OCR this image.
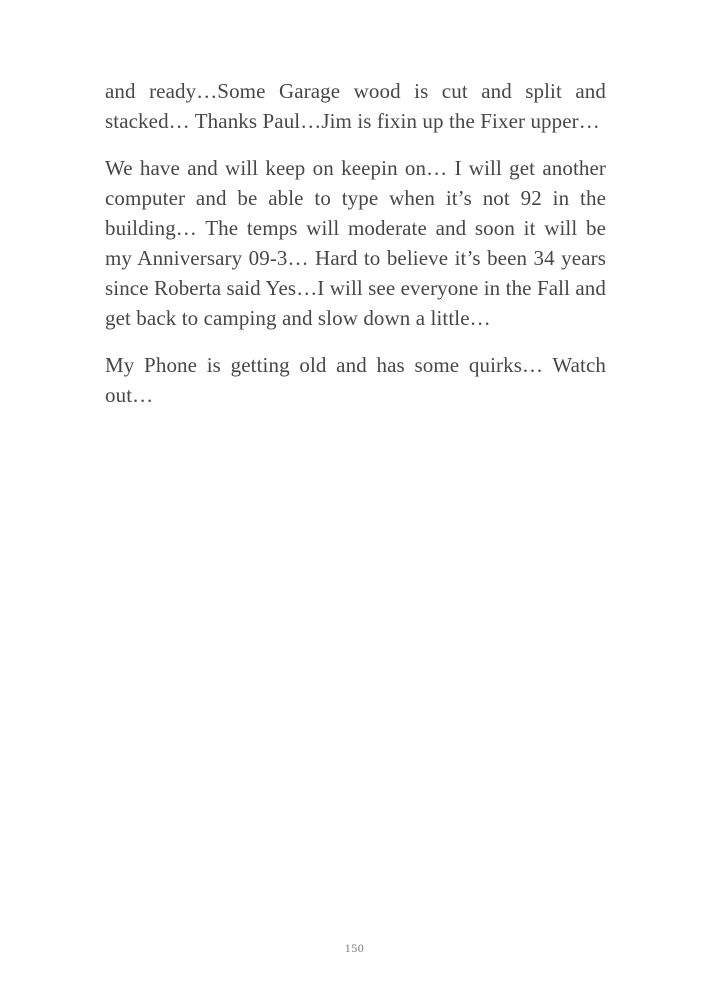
and ready…Some Garage wood is cut and split and stacked… Thanks Paul…Jim is fixin up the Fixer upper…

We have and will keep on keepin on… I will get another computer and be able to type when it’s not 92 in the building… The temps will moderate and soon it will be my Anniversary 09-3… Hard to believe it’s been 34 years since Roberta said Yes…I will see everyone in the Fall and get back to camping and slow down a little…

My Phone is getting old and has some quirks… Watch out…

150
